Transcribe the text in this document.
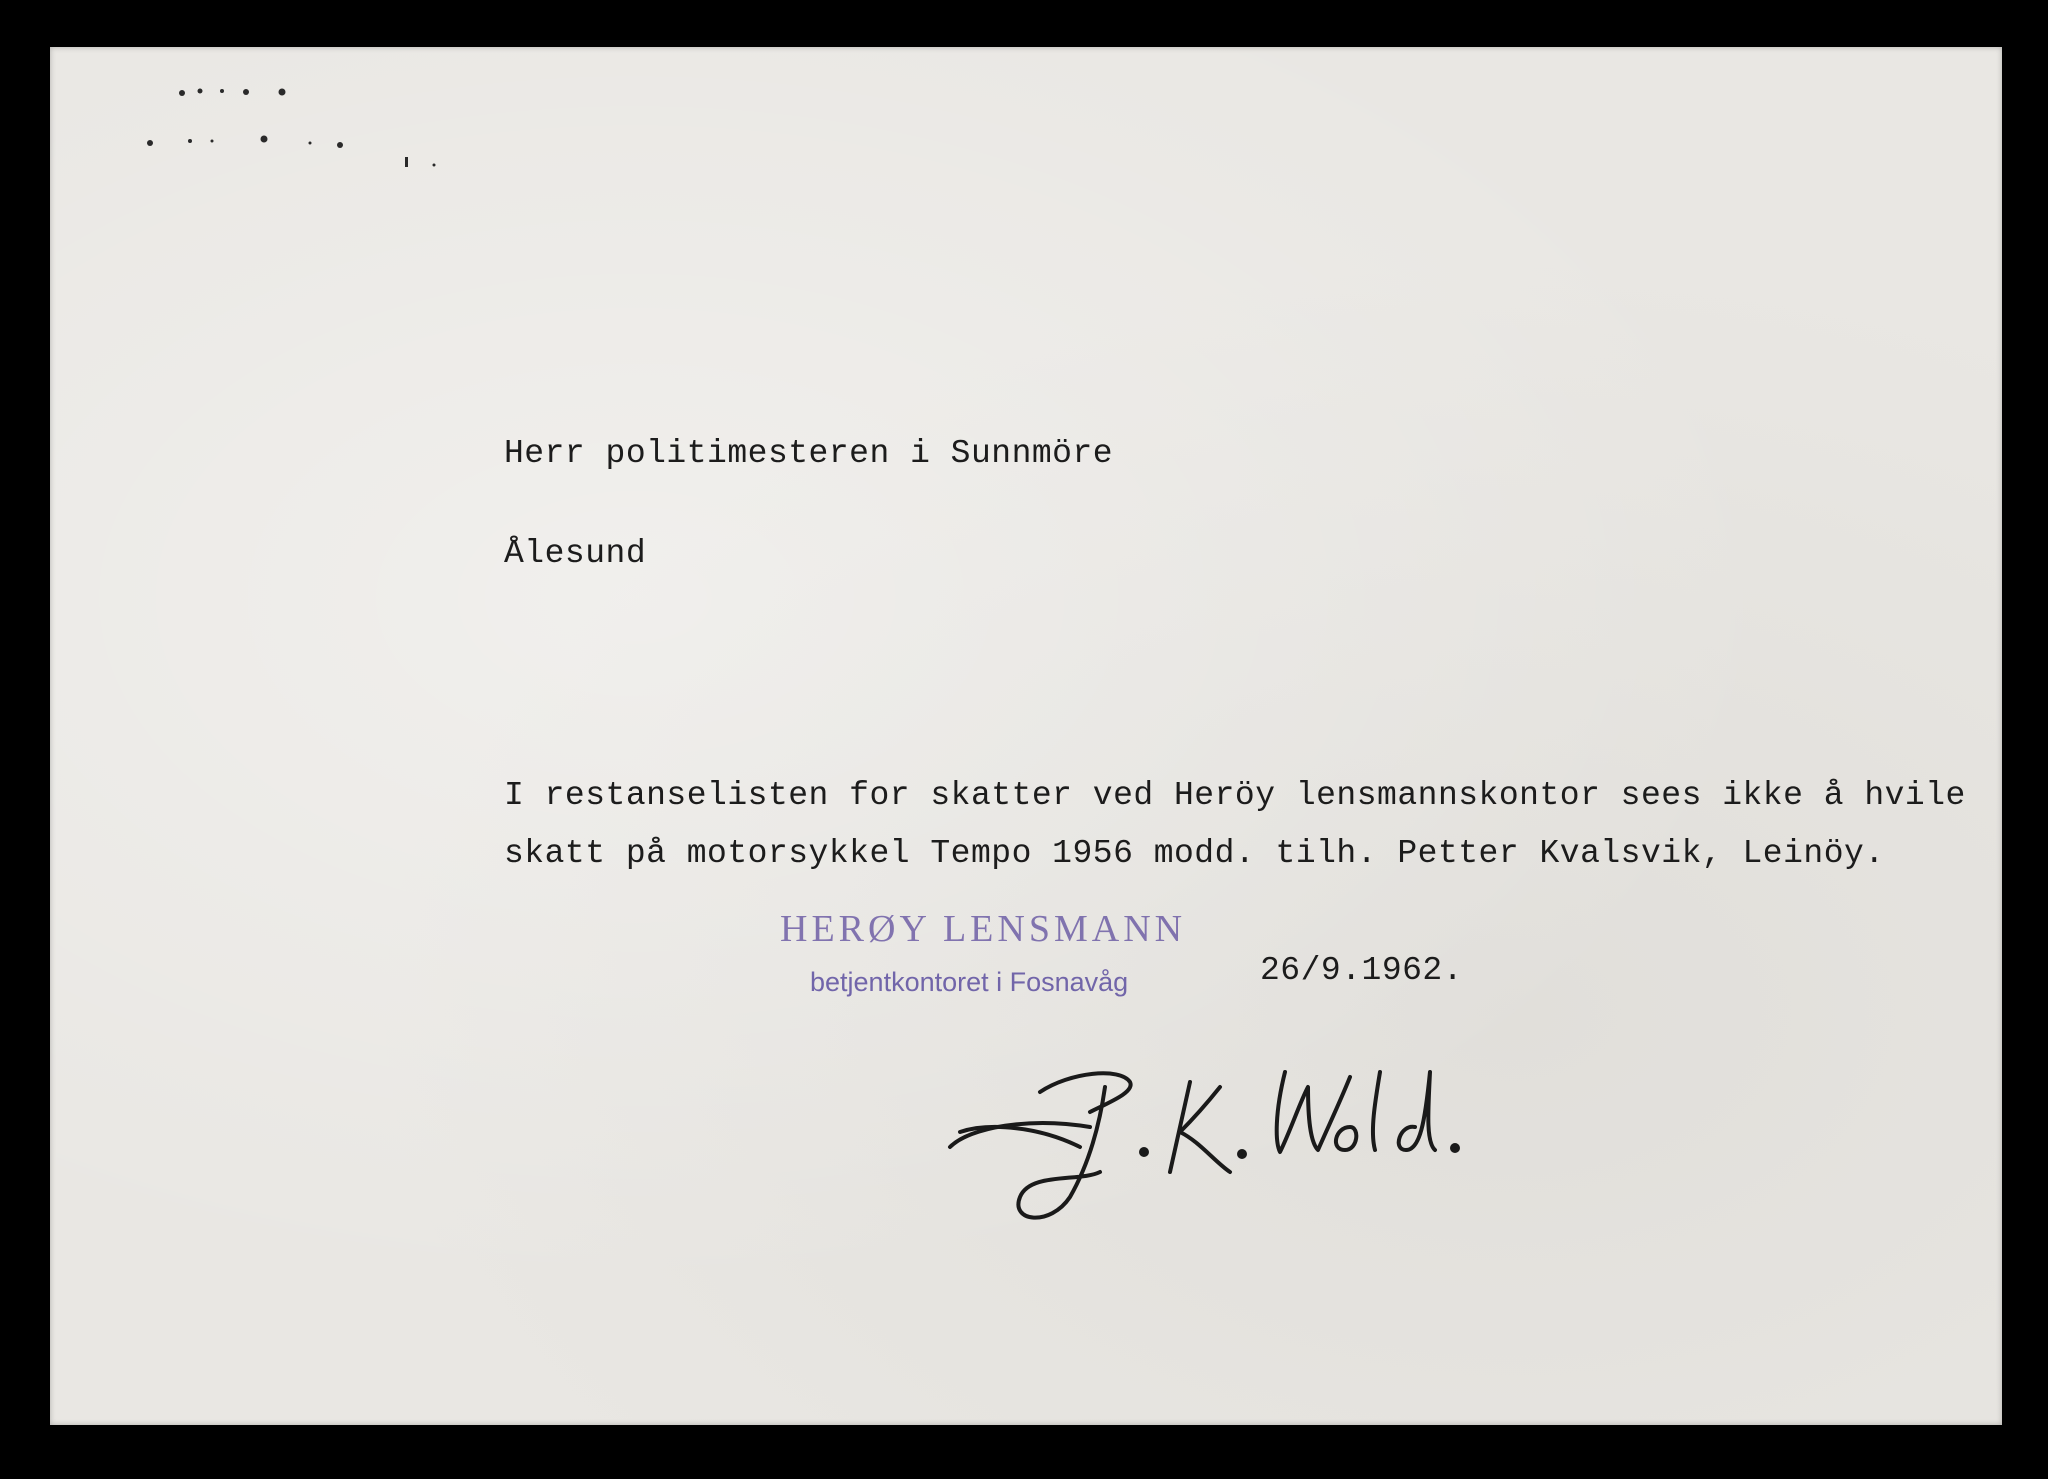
Herr politimesteren i Sunnmöre
Ålesund
I restanselisten for skatter ved Heröy lensmannskontor sees ikke å hvile
skatt på motorsykkel Tempo 1956 modd. tilh. Petter Kvalsvik, Leinöy.
HERØY LENSMANN
betjentkontoret i Fosnavåg	26/9.1962.
